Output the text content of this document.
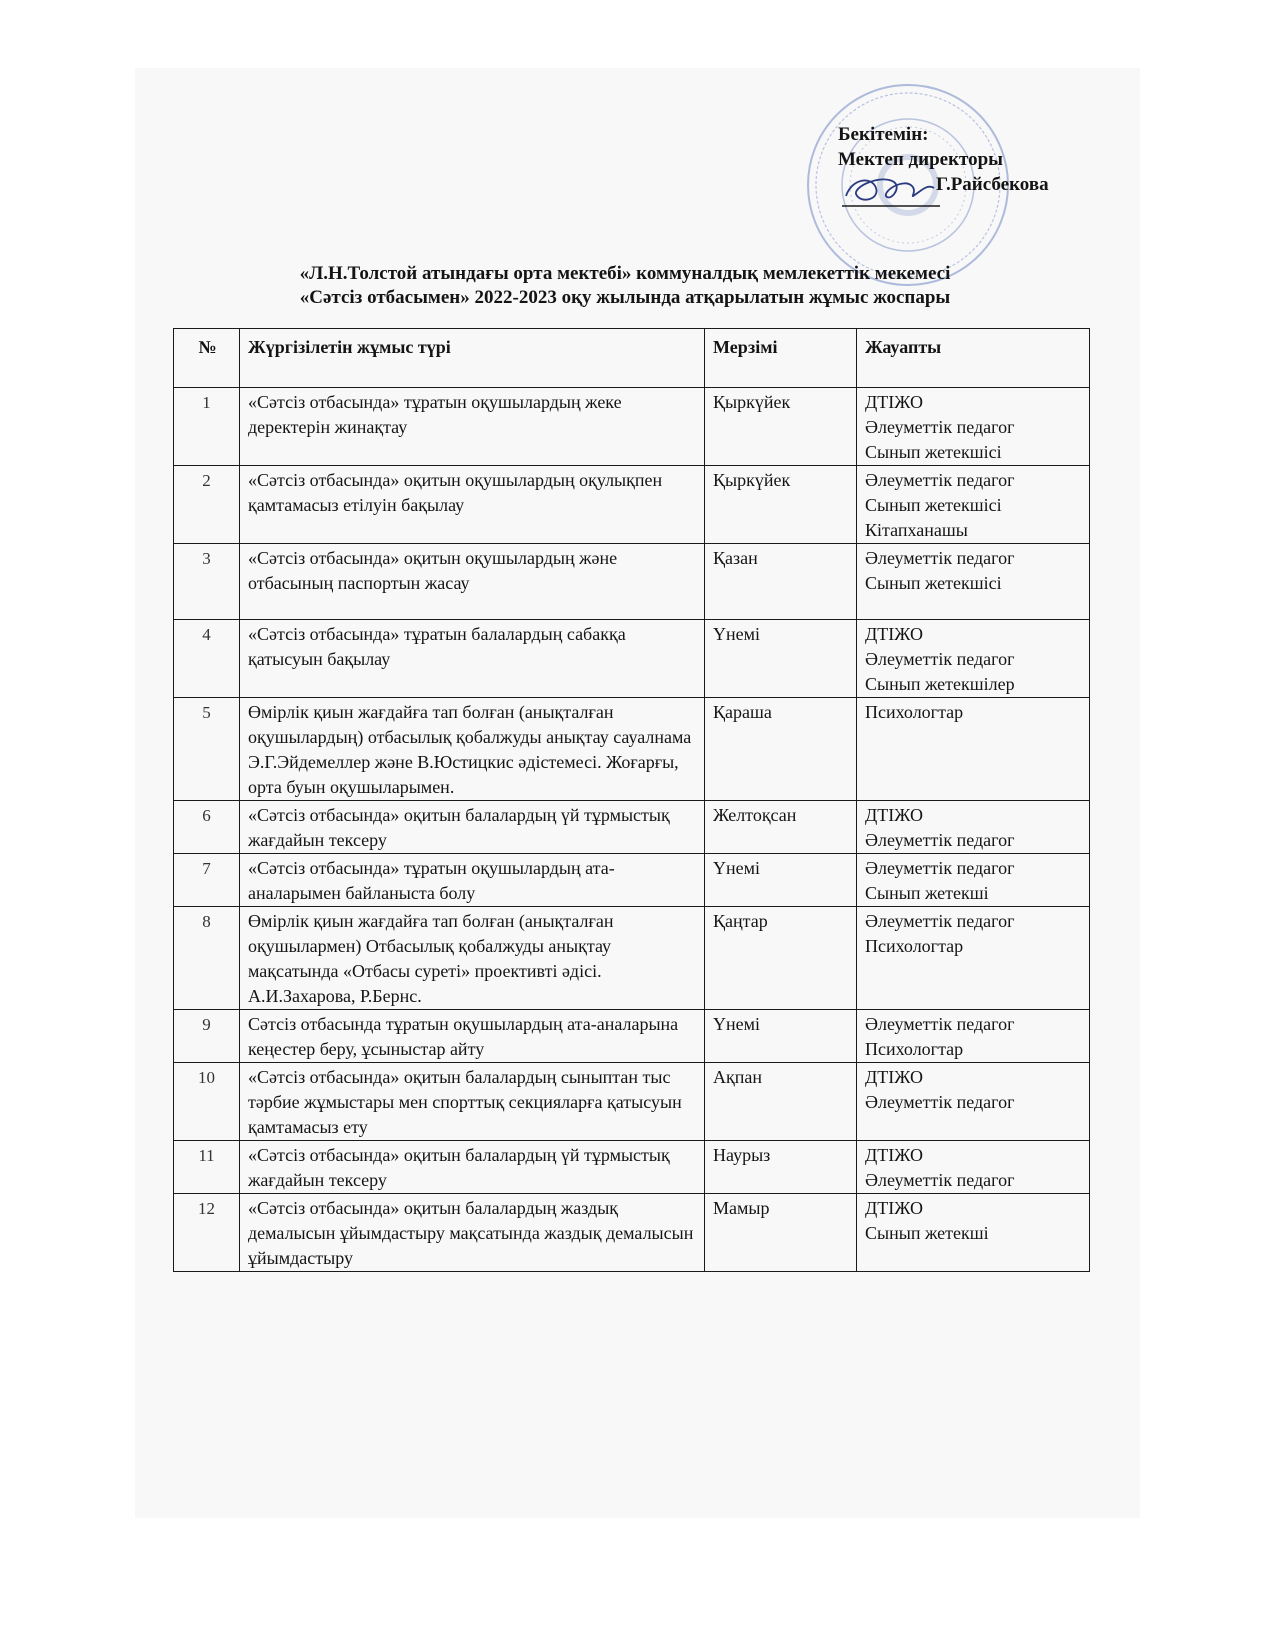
Бекітемін:
Мектеп директоры
Г.Райсбекова
«Л.Н.Толстой атындағы орта мектебі» коммуналдық мемлекеттік мекемесі
«Сәтсіз отбасымен» 2022-2023 оқу жылында атқарылатын жұмыс жоспары
№	Жүргізілетін жұмыс түрі	Мерзімі	Жауапты
1	«Сәтсіз отбасында» тұратын оқушылардың жеке деректерін жинақтау	Қыркүйек	ДТІЖО
Әлеуметтік педагог
Сынып жетекшісі

2	«Сәтсіз отбасында» оқитын оқушылардың оқулықпен қамтамасыз етілуін бақылау	Қыркүйек	Әлеуметтік педагог
Сынып жетекшісі
Кітапханашы

3	«Сәтсіз отбасында» оқитын оқушылардың және отбасының паспортын жасау	Қазан	Әлеуметтік педагог
Сынып жетекшісі

4	«Сәтсіз отбасында» тұратын балалардың сабакқа қатысуын бақылау	Үнемі	ДТІЖО
Әлеуметтік педагог
Сынып жетекшілер

5	Өмірлік қиын жағдайға тап болған (анықталған оқушылардың) отбасылық қобалжуды анықтау сауалнама Э.Г.Эйдемеллер және В.Юстицкис әдістемесі. Жоғарғы, орта буын оқушыларымен.	Қараша	Психологтар

6	«Сәтсіз отбасында» оқитын балалардың үй тұрмыстық жағдайын тексеру	Желтоқсан	ДТІЖО
Әлеуметтік педагог

7	«Сәтсіз отбасында» тұратын оқушылардың ата-аналарымен байланыста болу	Үнемі	Әлеуметтік педагог
Сынып жетекші

8	Өмірлік қиын жағдайға тап болған (анықталған оқушылармен) Отбасылық қобалжуды анықтау мақсатында «Отбасы суреті» проективті әдісі. А.И.Захарова, Р.Бернс.	Қаңтар	Әлеуметтік педагог
Психологтар

9	Сәтсіз отбасында тұратын оқушылардың ата-аналарына кеңестер беру, ұсыныстар айту	Үнемі	Әлеуметтік педагог
Психологтар

10	«Сәтсіз отбасында» оқитын балалардың сыныптан тыс тәрбие жұмыстары мен спорттық секцияларға қатысуын қамтамасыз ету	Ақпан	ДТІЖО
Әлеуметтік педагог

11	«Сәтсіз отбасында» оқитын балалардың үй тұрмыстық жағдайын тексеру	Наурыз	ДТІЖО
Әлеуметтік педагог

12	«Сәтсіз отбасында» оқитын балалардың жаздық демалысын ұйымдастыру мақсатында жаздық демалысын ұйымдастыру	Мамыр	ДТІЖО
Сынып жетекші
